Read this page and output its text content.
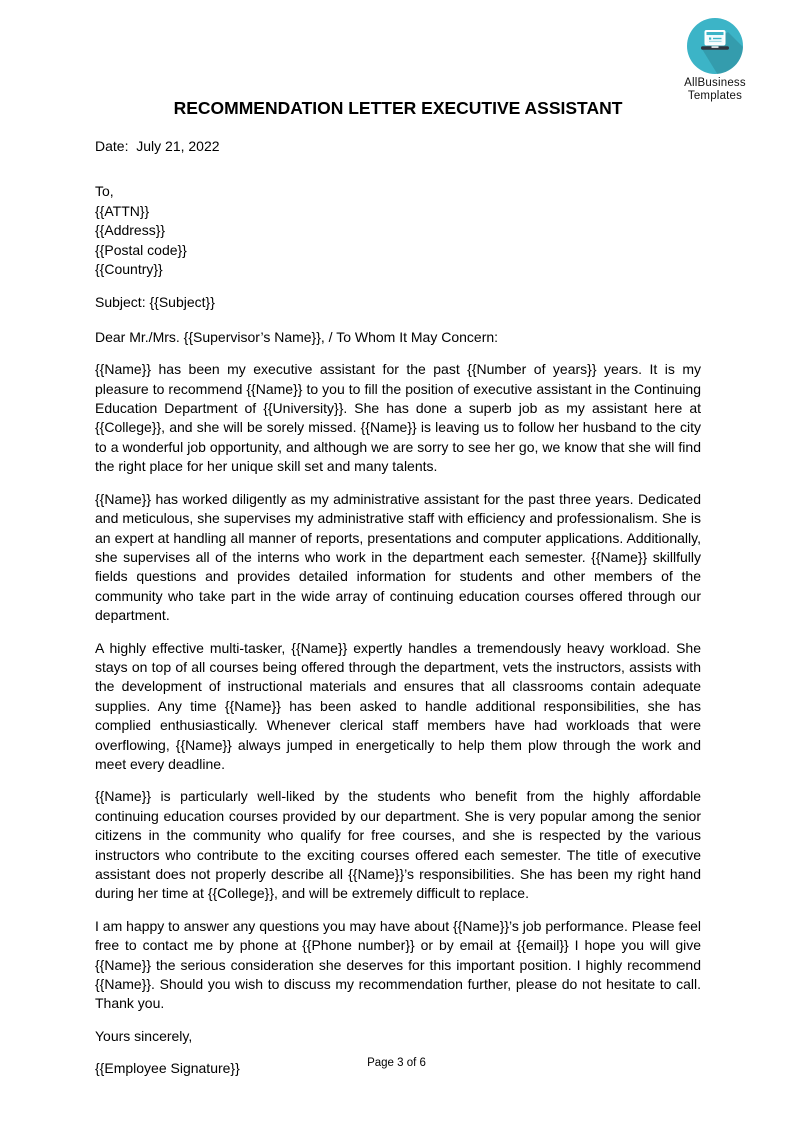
AllBusiness
Templates
RECOMMENDATION LETTER EXECUTIVE ASSISTANT

Date:  July 21, 2022

To,
{{ATTN}}
{{Address}}
{{Postal code}}
{{Country}}

Subject: {{Subject}}

Dear Mr./Mrs. {{Supervisor’s Name}}, / To Whom It May Concern:

{{Name}} has been my executive assistant for the past {{Number of years}} years. It is my pleasure to recommend {{Name}} to you to fill the position of executive assistant in the Continuing Education Department of {{University}}. She has done a superb job as my assistant here at {{College}}, and she will be sorely missed. {{Name}} is leaving us to follow her husband to the city to a wonderful job opportunity, and although we are sorry to see her go, we know that she will find the right place for her unique skill set and many talents.

{{Name}} has worked diligently as my administrative assistant for the past three years. Dedicated and meticulous, she supervises my administrative staff with efficiency and professionalism. She is an expert at handling all manner of reports, presentations and computer applications. Additionally, she supervises all of the interns who work in the department each semester. {{Name}} skillfully fields questions and provides detailed information for students and other members of the community who take part in the wide array of continuing education courses offered through our department.

A highly effective multi-tasker, {{Name}} expertly handles a tremendously heavy workload. She stays on top of all courses being offered through the department, vets the instructors, assists with the development of instructional materials and ensures that all classrooms contain adequate supplies. Any time {{Name}} has been asked to handle additional responsibilities, she has complied enthusiastically. Whenever clerical staff members have had workloads that were overflowing, {{Name}} always jumped in energetically to help them plow through the work and meet every deadline.

{{Name}} is particularly well-liked by the students who benefit from the highly affordable continuing education courses provided by our department. She is very popular among the senior citizens in the community who qualify for free courses, and she is respected by the various instructors who contribute to the exciting courses offered each semester. The title of executive assistant does not properly describe all {{Name}}’s responsibilities. She has been my right hand during her time at {{College}}, and will be extremely difficult to replace.

I am happy to answer any questions you may have about {{Name}}’s job performance. Please feel free to contact me by phone at {{Phone number}} or by email at {{email}} I hope you will give {{Name}} the serious consideration she deserves for this important position. I highly recommend {{Name}}. Should you wish to discuss my recommendation further, please do not hesitate to call. Thank you.

Yours sincerely,

{{Employee Signature}}	Page 3 of 6
